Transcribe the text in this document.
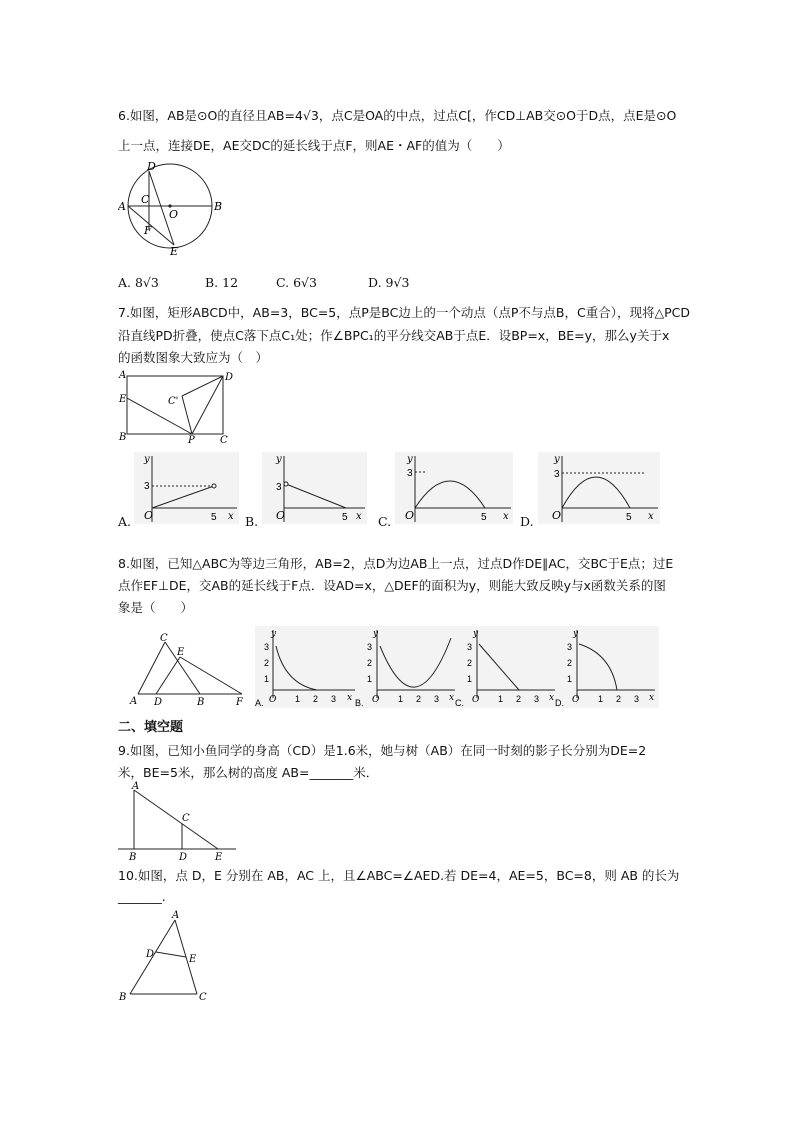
6.如图，AB是⊙O的直径且AB=4√3，点C是OA的中点，过点C[，作CD⊥AB交⊙O于D点，点E是⊙O
上一点，连接DE，AE交DC的延长线于点F，则AE・AF的值为（　　）
A	B
C
D
E
F
O
A. 8√3	B. 12	C. 6√3	D. 9√3
7.如图，矩形ABCD中，AB=3，BC=5，点P是BC边上的一个动点（点P不与点B，C重合），现将△PCD
沿直线PD折叠，使点C落下点C₁处；作∠BPC₁的平分线交AB于点E．设BP=x，BE=y，那么y关于x
的函数图象大致应为（　）
A	D
E
B	P	C
C'
A.
y
3
O	5 x B.
y
3
O	5 x C.
y
3
O	5 x D.
y
3
O	5 x
8.如图，已知△ABC为等边三角形，AB=2，点D为边AB上一点，过点D作DE∥AC，交BC于E点；过E
点作EF⊥DE，交AB的延长线于F点．设AD=x，△DEF的面积为y，则能大致反映y与x函数关系的图
象是（　　）
A
C
D
E
B	F A.
y
3
2
1
O 1 2 3 x B.
y
3
2
1
O 1 2 3 x C.
y
3
2
1
O 1 2 3 x D.
y
3
2
1
O 1 2 3 x
二、填空题
9.如图，已知小鱼同学的身高（CD）是1.6米，她与树（AB）在同一时刻的影子长分别为DE=2
米，BE=5米，那么树的高度 AB=_______米．
A
C
B	D	E
10.如图，点 D，E 分别在 AB，AC 上，且∠ABC=∠AED.若 DE=4，AE=5，BC=8，则 AB 的长为
_______.
A
D	E
B	C
